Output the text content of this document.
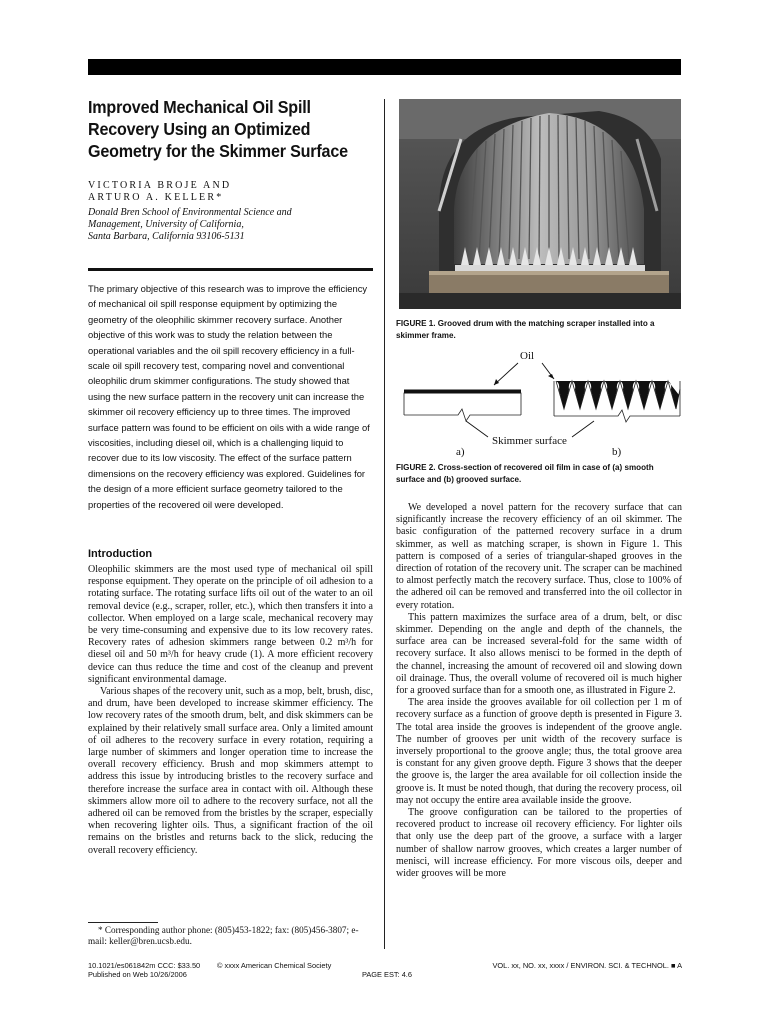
Improved Mechanical Oil Spill Recovery Using an Optimized Geometry for the Skimmer Surface
VICTORIA BROJE AND
ARTURO A. KELLER*
Donald Bren School of Environmental Science and
Management, University of California,
Santa Barbara, California 93106-5131

The primary objective of this research was to improve the efficiency of mechanical oil spill response equipment by optimizing the geometry of the oleophilic skimmer recovery surface. Another objective of this work was to study the relation between the operational variables and the oil spill recovery efficiency in a full-scale oil spill recovery test, comparing novel and conventional oleophilic drum skimmer configurations. The study showed that using the new surface pattern in the recovery unit can increase the skimmer oil recovery efficiency up to three times. The improved surface pattern was found to be efficient on oils with a wide range of viscosities, including diesel oil, which is a challenging liquid to recover due to its low viscosity. The effect of the surface pattern dimensions on the recovery efficiency was explored. Guidelines for the design of a more efficient surface geometry tailored to the properties of the recovered oil were developed.

Introduction

Oleophilic skimmers are the most used type of mechanical oil spill response equipment. They operate on the principle of oil adhesion to a rotating surface. The rotating surface lifts oil out of the water to an oil removal device (e.g., scraper, roller, etc.), which then transfers it into a collector. When employed on a large scale, mechanical recovery may be very time-consuming and expensive due to its low recovery rates. Recovery rates of adhesion skimmers range between 0.2 m³/h for diesel oil and 50 m³/h for heavy crude (1). A more efficient recovery device can thus reduce the time and cost of the cleanup and prevent significant environmental damage.

Various shapes of the recovery unit, such as a mop, belt, brush, disc, and drum, have been developed to increase skimmer efficiency. The low recovery rates of the smooth drum, belt, and disk skimmers can be explained by their relatively small surface area. Only a limited amount of oil adheres to the recovery surface in every rotation, requiring a large number of skimmers and longer operation time to increase the overall recovery efficiency. Brush and mop skimmers attempt to address this issue by introducing bristles to the recovery surface and therefore increase the surface area in contact with oil. Although these skimmers allow more oil to adhere to the recovery surface, not all the adhered oil can be removed from the bristles by the scraper, especially when recovering lighter oils. Thus, a significant fraction of the oil remains on the bristles and returns back to the slick, reducing the overall recovery efficiency.

* Corresponding author phone: (805)453-1822; fax: (805)456-3807; e-mail: keller@bren.ucsb.edu.

FIGURE 1. Grooved drum with the matching scraper installed into a skimmer frame.
Oil
Skimmer surface
a)	b)
FIGURE 2. Cross-section of recovered oil film in case of (a) smooth surface and (b) grooved surface.

We developed a novel pattern for the recovery surface that can significantly increase the recovery efficiency of an oil skimmer. The basic configuration of the patterned recovery surface in a drum skimmer, as well as matching scraper, is shown in Figure 1. This pattern is composed of a series of triangular-shaped grooves in the direction of rotation of the recovery unit. The scraper can be machined to almost perfectly match the recovery surface. Thus, close to 100% of the adhered oil can be removed and transferred into the oil collector in every rotation.

This pattern maximizes the surface area of a drum, belt, or disc skimmer. Depending on the angle and depth of the channels, the surface area can be increased several-fold for the same width of recovery surface. It also allows menisci to be formed in the depth of the channel, increasing the amount of recovered oil and slowing down oil drainage. Thus, the overall volume of recovered oil is much higher for a grooved surface than for a smooth one, as illustrated in Figure 2.

The area inside the grooves available for oil collection per 1 m of recovery surface as a function of groove depth is presented in Figure 3. The total area inside the grooves is independent of the groove angle. The number of grooves per unit width of the recovery surface is inversely proportional to the groove angle; thus, the total groove area is constant for any given groove depth. Figure 3 shows that the deeper the groove is, the larger the area available for oil collection inside the groove is. It must be noted though, that during the recovery process, oil may not occupy the entire area available inside the groove.

The groove configuration can be tailored to the properties of recovered product to increase oil recovery efficiency. For lighter oils that only use the deep part of the groove, a surface with a larger number of shallow narrow grooves, which creates a larger number of menisci, will increase efficiency. For more viscous oils, deeper and wider grooves will be more

10.1021/es061842m CCC: $33.50
Published on Web 10/26/2006
© xxxx American Chemical Society
PAGE EST: 4.6
VOL. xx, NO. xx, xxxx / ENVIRON. SCI. & TECHNOL. ■ A
